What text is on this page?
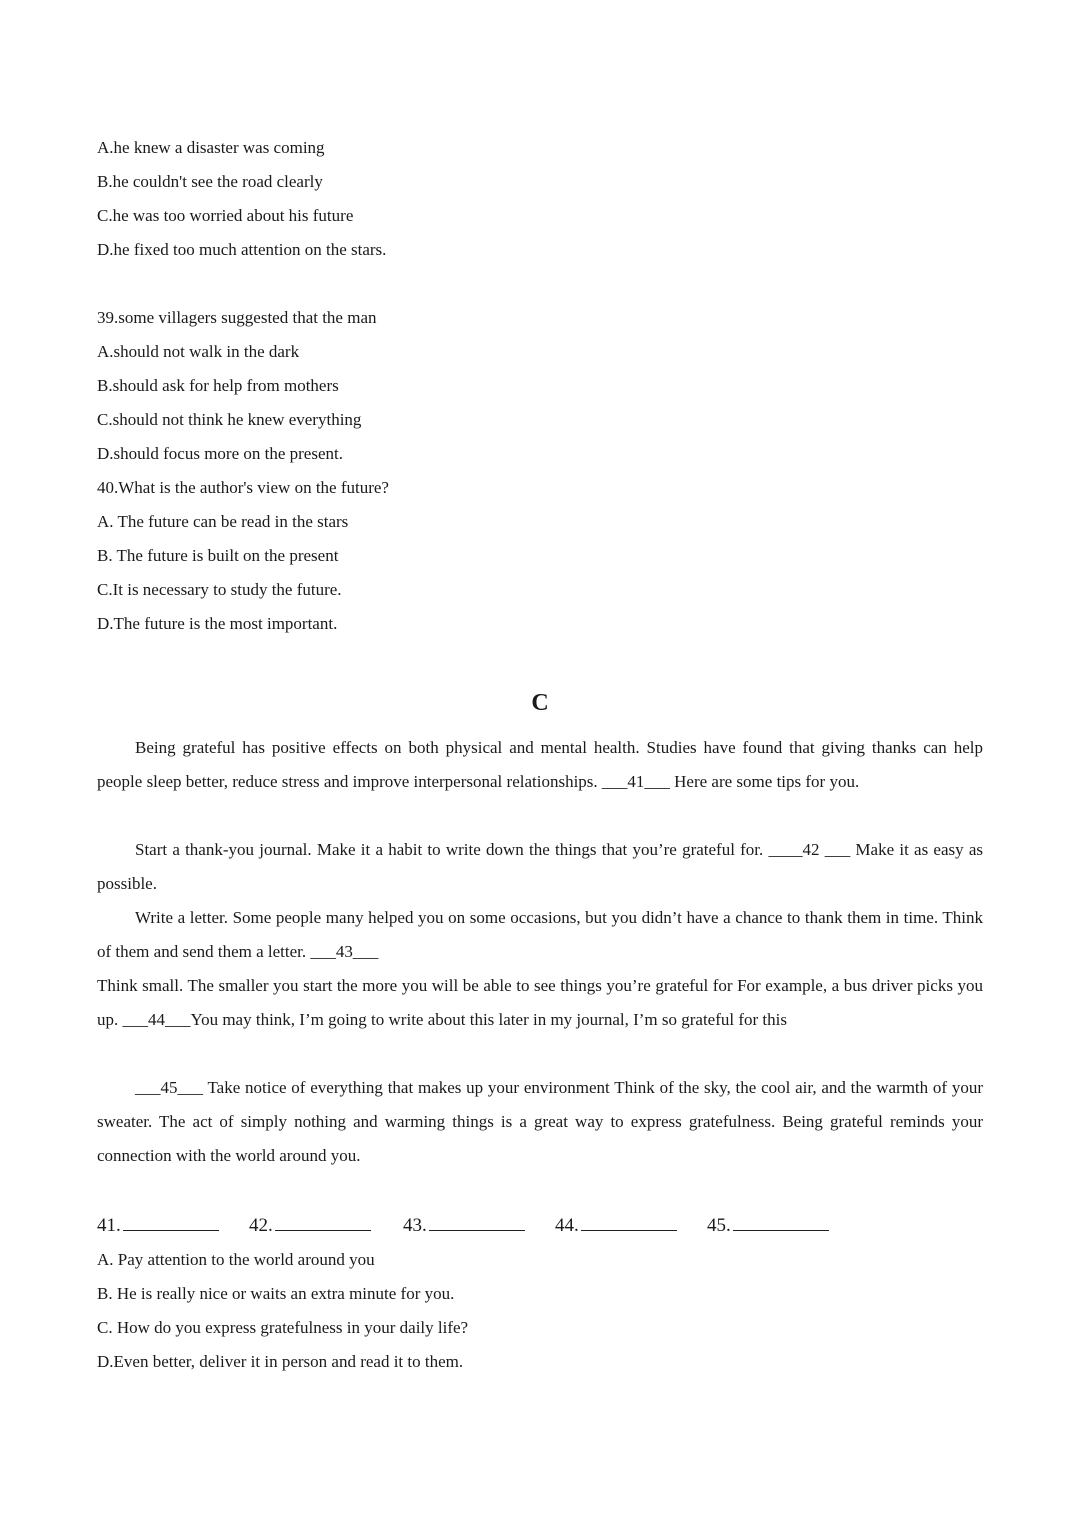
A.he knew a disaster was coming
B.he couldn't see the road clearly
C.he was too worried about his future
D.he fixed too much attention on the stars.
39.some villagers suggested that the man
A.should not walk in the dark
B.should ask for help from mothers
C.should not think he knew everything
D.should focus more on the present.
40.What is the author's view on the future?
A. The future can be read in the stars
B. The future is built on the present
C.It is necessary to study the future.
D.The future is the most important.
C
Being grateful has positive effects on both physical and mental health. Studies have found that giving thanks can help people sleep better, reduce stress and improve interpersonal relationships. ___41___ Here are some tips for you.
Start a thank-you journal. Make it a habit to write down the things that you’re grateful for. ____42 ___ Make it as easy as possible.
Write a letter. Some people many helped you on some occasions, but you didn’t have a chance to thank them in time. Think of them and send them a letter. ___43___
Think small. The smaller you start the more you will be able to see things you’re grateful for For example, a bus driver picks you up. ___44___You may think, I’m going to write about this later in my journal, I’m so grateful for this
___45___ Take notice of everything that makes up your environment Think of the sky, the cool air, and the warmth of your sweater. The act of simply nothing and warming things is a great way to express gratefulness. Being grateful reminds your connection with the world around you.
41.	42.	43.	44.	45.
A. Pay attention to the world around you
B. He is really nice or waits an extra minute for you.
C. How do you express gratefulness in your daily life?
D.Even better, deliver it in person and read it to them.
